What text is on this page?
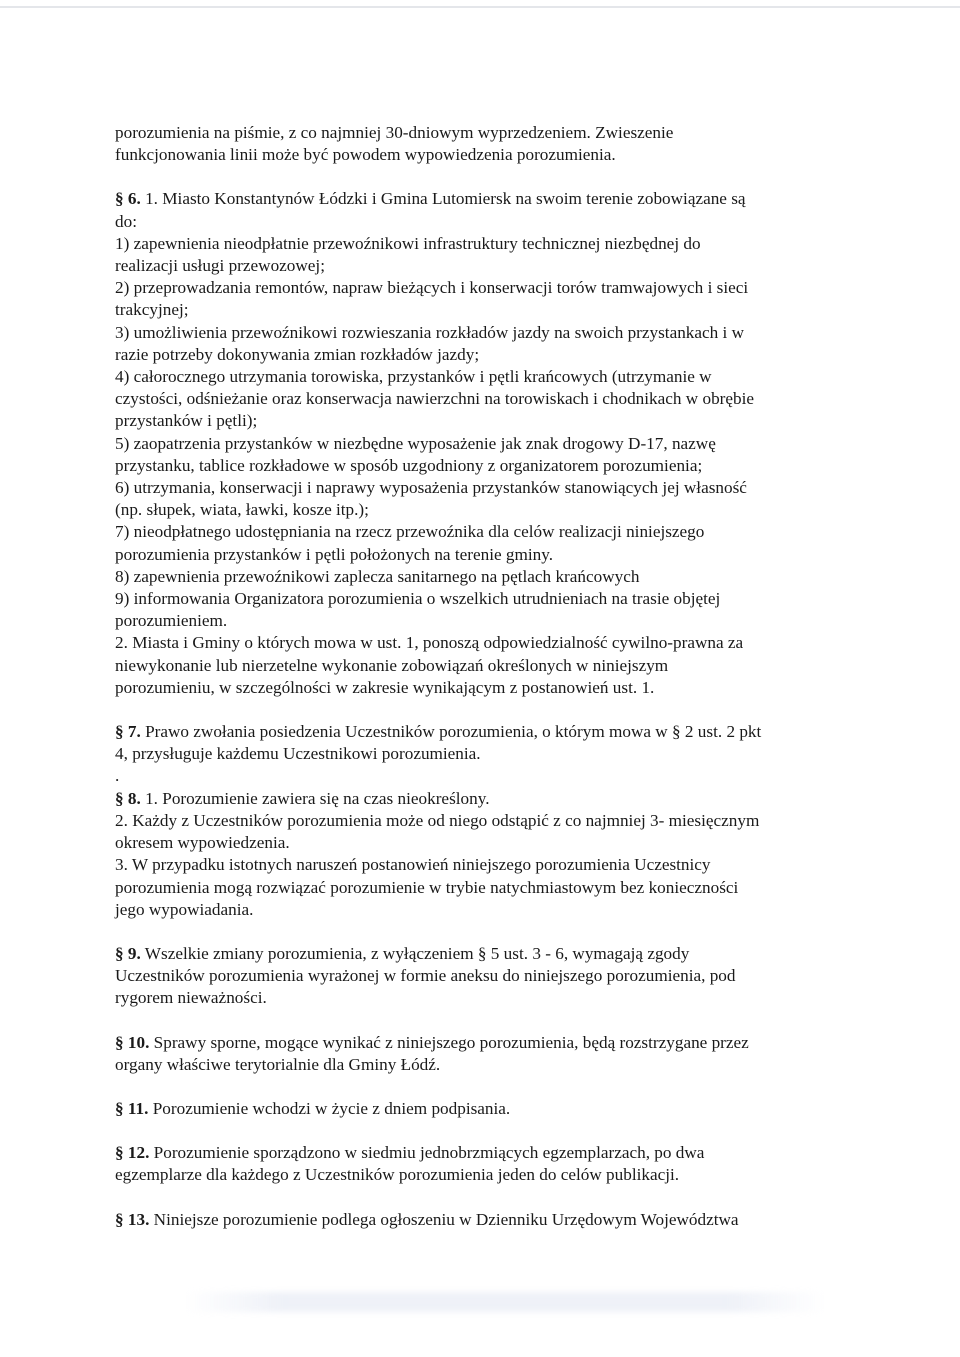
porozumienia na piśmie, z co najmniej 30-dniowym wyprzedzeniem. Zwieszenie
funkcjonowania linii może być powodem wypowiedzenia porozumienia.
§ 6. 1. Miasto Konstantynów Łódzki i Gmina Lutomiersk na swoim terenie zobowiązane są
do:
1) zapewnienia nieodpłatnie przewoźnikowi infrastruktury technicznej niezbędnej do
realizacji usługi przewozowej;
2) przeprowadzania remontów, napraw bieżących i konserwacji torów tramwajowych i sieci
trakcyjnej;
3) umożliwienia przewoźnikowi rozwieszania rozkładów jazdy na swoich przystankach i w
razie potrzeby dokonywania zmian rozkładów jazdy;
4) całorocznego utrzymania torowiska, przystanków i pętli krańcowych (utrzymanie w
czystości, odśnieżanie oraz konserwacja nawierzchni na torowiskach i chodnikach w obrębie
przystanków i pętli);
5) zaopatrzenia przystanków w niezbędne wyposażenie jak znak drogowy D-17, nazwę
przystanku, tablice rozkładowe w sposób uzgodniony z organizatorem porozumienia;
6) utrzymania, konserwacji i naprawy wyposażenia przystanków stanowiących jej własność
(np. słupek, wiata, ławki, kosze itp.);
7) nieodpłatnego udostępniania na rzecz przewoźnika dla celów realizacji niniejszego
porozumienia przystanków i pętli położonych na terenie gminy.
8) zapewnienia przewoźnikowi zaplecza sanitarnego na pętlach krańcowych
9) informowania Organizatora porozumienia o wszelkich utrudnieniach na trasie objętej
porozumieniem.
2. Miasta i Gminy o których mowa w ust. 1, ponoszą odpowiedzialność cywilno-prawna za
niewykonanie lub nierzetelne wykonanie zobowiązań określonych w niniejszym
porozumieniu, w szczególności w zakresie wynikającym z postanowień ust. 1.
§ 7. Prawo zwołania posiedzenia Uczestników porozumienia, o którym mowa w § 2 ust. 2 pkt
4, przysługuje każdemu Uczestnikowi porozumienia.
.
§ 8. 1. Porozumienie zawiera się na czas nieokreślony.
2. Każdy z Uczestników porozumienia może od niego odstąpić z co najmniej 3- miesięcznym
okresem wypowiedzenia.
3. W przypadku istotnych naruszeń postanowień niniejszego porozumienia Uczestnicy
porozumienia mogą rozwiązać porozumienie w trybie natychmiastowym bez konieczności
jego wypowiadania.
§ 9. Wszelkie zmiany porozumienia, z wyłączeniem § 5 ust. 3 - 6, wymagają zgody
Uczestników porozumienia wyrażonej w formie aneksu do niniejszego porozumienia, pod
rygorem nieważności.
§ 10. Sprawy sporne, mogące wynikać z niniejszego porozumienia, będą rozstrzygane przez
organy właściwe terytorialnie dla Gminy Łódź.
§ 11. Porozumienie wchodzi w życie z dniem podpisania.
§ 12. Porozumienie sporządzono w siedmiu jednobrzmiących egzemplarzach, po dwa
egzemplarze dla każdego z Uczestników porozumienia jeden do celów publikacji.
§ 13. Niniejsze porozumienie podlega ogłoszeniu w Dzienniku Urzędowym Województwa
